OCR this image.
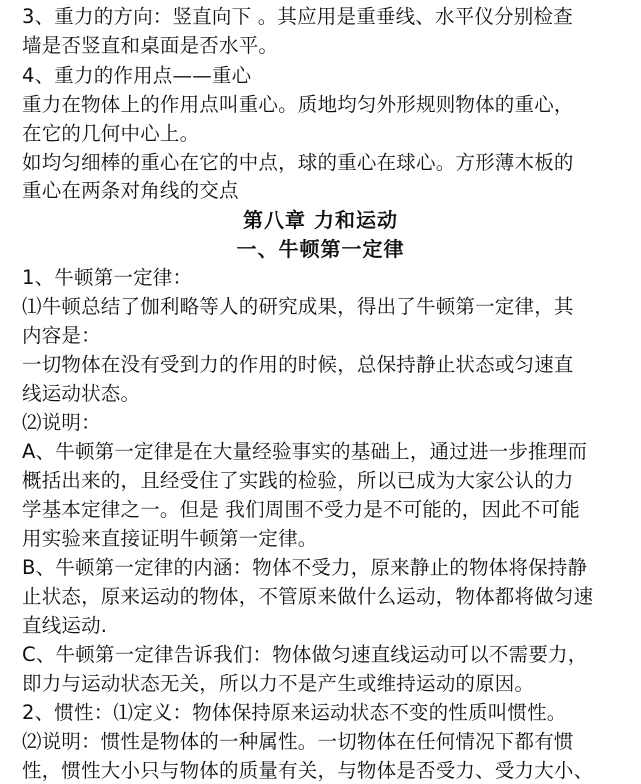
3、重力的方向：竖直向下 。其应用是重垂线、水平仪分别检查
墙是否竖直和桌面是否水平。
4、重力的作用点——重心
重力在物体上的作用点叫重心。质地均匀外形规则物体的重心，
在它的几何中心上。
如均匀细棒的重心在它的中点，球的重心在球心。方形薄木板的
重心在两条对角线的交点
第八章 力和运动
一、牛顿第一定律
1、牛顿第一定律：
⑴牛顿总结了伽利略等人的研究成果，得出了牛顿第一定律，其
内容是：
一切物体在没有受到力的作用的时候，总保持静止状态或匀速直
线运动状态。
⑵说明：
A、牛顿第一定律是在大量经验事实的基础上，通过进一步推理而
概括出来的，且经受住了实践的检验，所以已成为大家公认的力
学基本定律之一。但是 我们周围不受力是不可能的，因此不可能
用实验来直接证明牛顿第一定律。
B、牛顿第一定律的内涵：物体不受力，原来静止的物体将保持静
止状态，原来运动的物体，不管原来做什么运动，物体都将做匀速
直线运动.
C、牛顿第一定律告诉我们：物体做匀速直线运动可以不需要力，
即力与运动状态无关，所以力不是产生或维持运动的原因。
2、惯性：⑴定义：物体保持原来运动状态不变的性质叫惯性。
⑵说明：惯性是物体的一种属性。一切物体在任何情况下都有惯
性，惯性大小只与物体的质量有关，与物体是否受力、受力大小、
